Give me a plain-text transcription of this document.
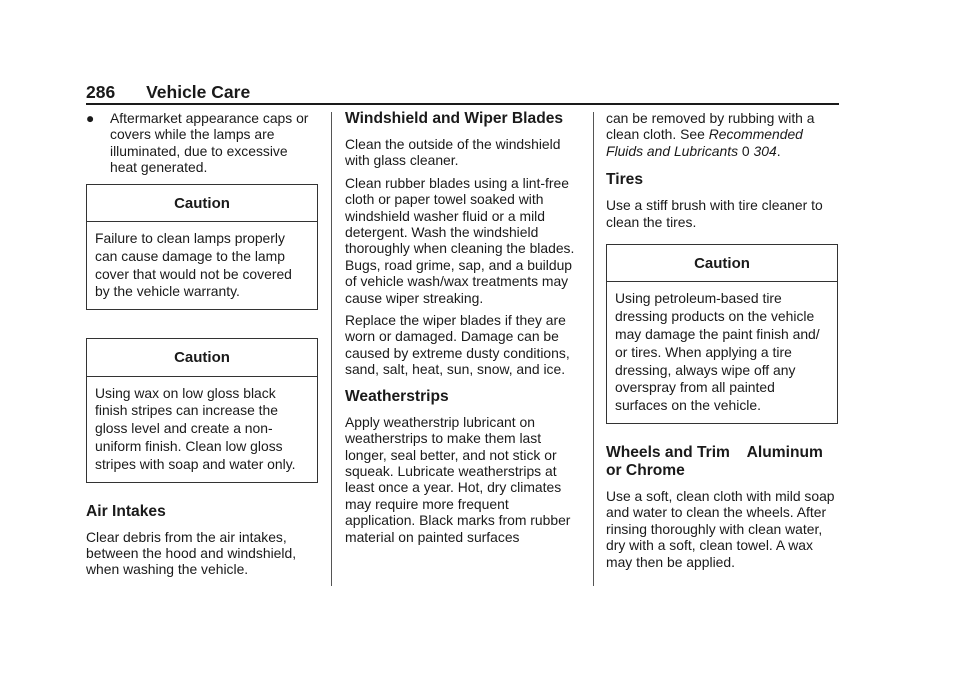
286 Vehicle Care
●	Aftermarket appearance caps or covers while the lamps are illuminated, due to excessive heat generated.
Caution
Failure to clean lamps properly can cause damage to the lamp cover that would not be covered by the vehicle warranty.
Caution
Using wax on low gloss black finish stripes can increase the gloss level and create a non-uniform finish. Clean low gloss stripes with soap and water only.
Air Intakes

Clear debris from the air intakes, between the hood and windshield, when washing the vehicle.

Windshield and Wiper Blades

Clean the outside of the windshield with glass cleaner.

Clean rubber blades using a lint-free cloth or paper towel soaked with windshield washer fluid or a mild detergent. Wash the windshield thoroughly when cleaning the blades. Bugs, road grime, sap, and a buildup of vehicle wash/wax treatments may cause wiper streaking.

Replace the wiper blades if they are worn or damaged. Damage can be caused by extreme dusty conditions, sand, salt, heat, sun, snow, and ice.

Weatherstrips

Apply weatherstrip lubricant on weatherstrips to make them last longer, seal better, and not stick or squeak. Lubricate weatherstrips at least once a year. Hot, dry climates may require more frequent application. Black marks from rubber material on painted surfaces

can be removed by rubbing with a clean cloth. See Recommended Fluids and Lubricants 0 304.

Tires

Use a stiff brush with tire cleaner to clean the tires.

Caution
Using petroleum-based tire dressing products on the vehicle may damage the paint finish and/ or tires. When applying a tire dressing, always wipe off any overspray from all painted surfaces on the vehicle.
Wheels and Trim    Aluminum or Chrome

Use a soft, clean cloth with mild soap and water to clean the wheels. After rinsing thoroughly with clean water, dry with a soft, clean towel. A wax may then be applied.
